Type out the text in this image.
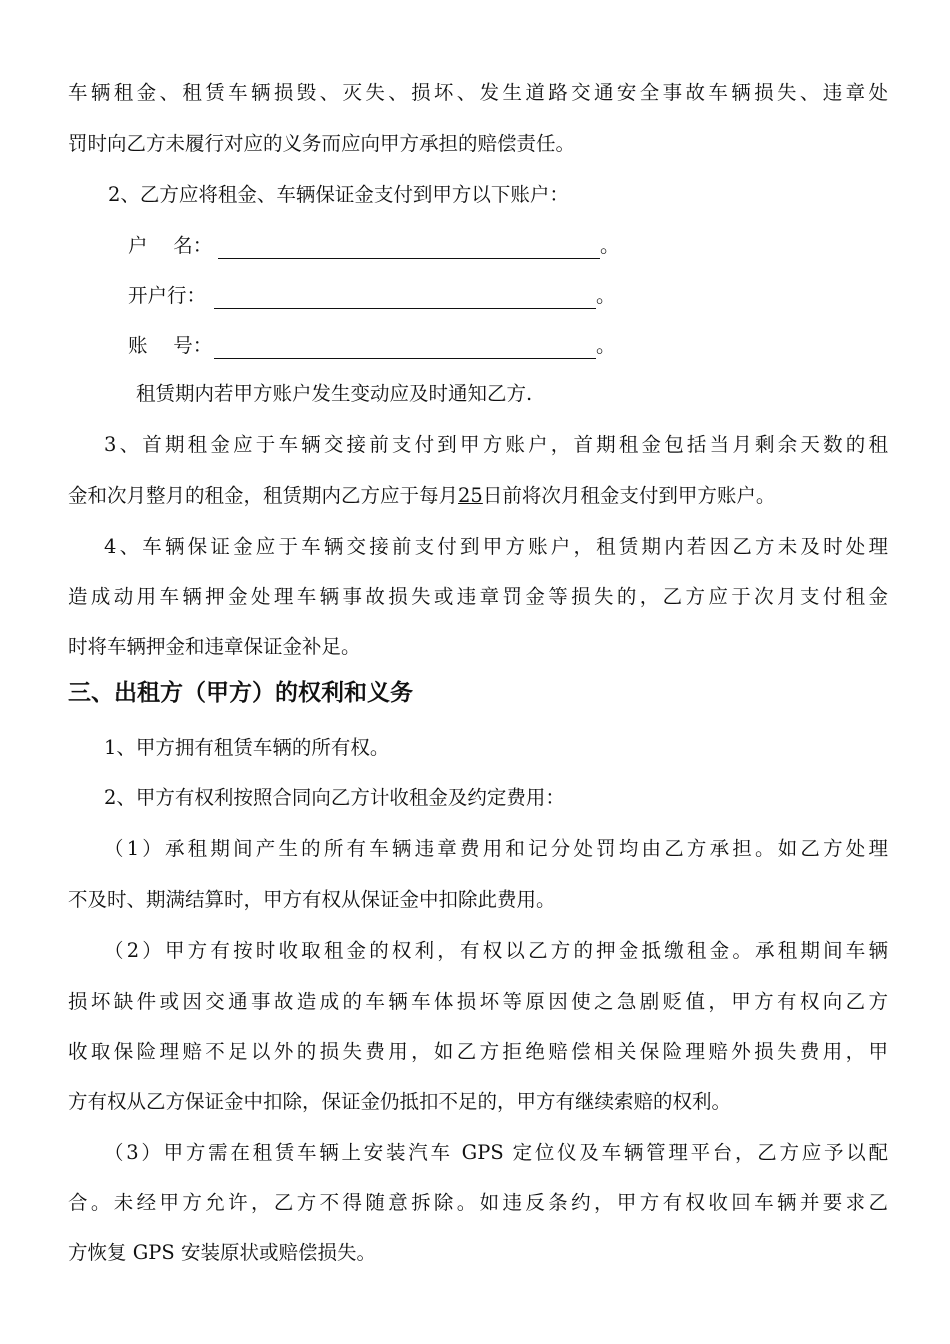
车辆租金、租赁车辆损毁、灭失、损坏、发生道路交通安全事故车辆损失、违章处
罚时向乙方未履行对应的义务而应向甲方承担的赔偿责任。
2、乙方应将租金、车辆保证金支付到甲方以下账户：
户　 名：	。
开户行：	。
账　 号：	。
租赁期内若甲方账户发生变动应及时通知乙方.
3、首期租金应于车辆交接前支付到甲方账户，首期租金包括当月剩余天数的租
金和次月整月的租金，租赁期内乙方应于每月25日前将次月租金支付到甲方账户。
4、车辆保证金应于车辆交接前支付到甲方账户，租赁期内若因乙方未及时处理
造成动用车辆押金处理车辆事故损失或违章罚金等损失的，乙方应于次月支付租金
时将车辆押金和违章保证金补足。
三、出租方（甲方）的权利和义务
1、甲方拥有租赁车辆的所有权。
2、甲方有权利按照合同向乙方计收租金及约定费用：
（1）承租期间产生的所有车辆违章费用和记分处罚均由乙方承担。如乙方处理
不及时、期满结算时，甲方有权从保证金中扣除此费用。
（2）甲方有按时收取租金的权利，有权以乙方的押金抵缴租金。承租期间车辆
损坏缺件或因交通事故造成的车辆车体损坏等原因使之急剧贬值，甲方有权向乙方
收取保险理赔不足以外的损失费用，如乙方拒绝赔偿相关保险理赔外损失费用，甲
方有权从乙方保证金中扣除，保证金仍抵扣不足的，甲方有继续索赔的权利。
（3）甲方需在租赁车辆上安装汽车 GPS 定位仪及车辆管理平台，乙方应予以配
合。未经甲方允许，乙方不得随意拆除。如违反条约，甲方有权收回车辆并要求乙
方恢复 GPS 安装原状或赔偿损失。
